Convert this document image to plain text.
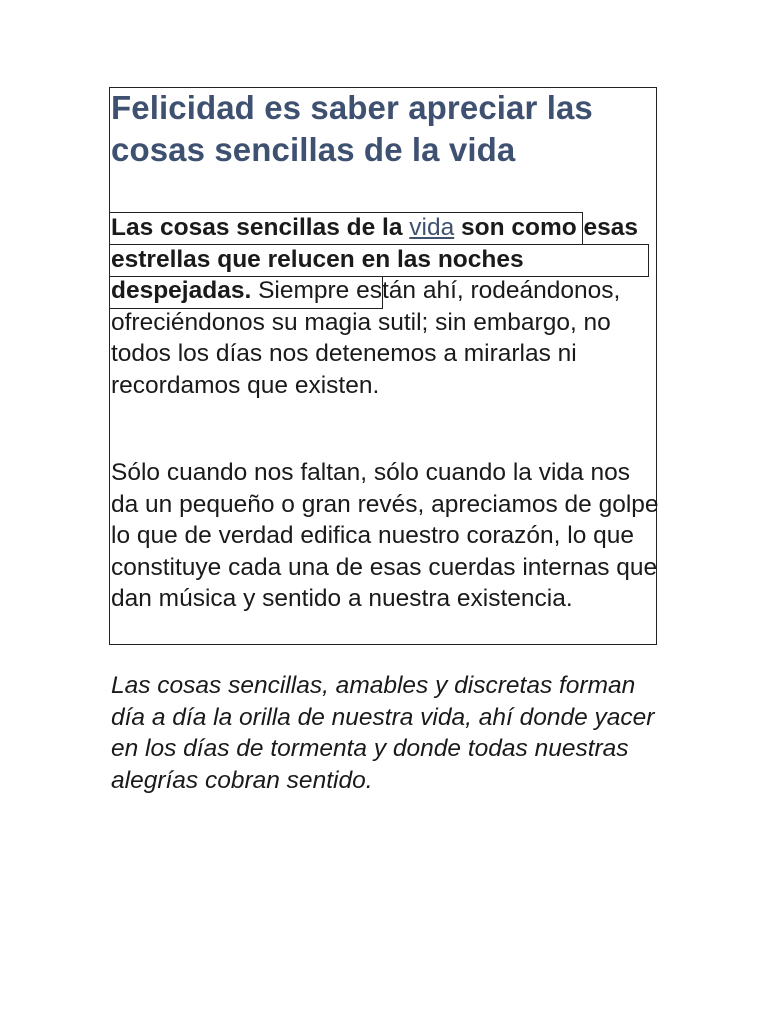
Felicidad es saber apreciar las cosas sencillas de la vida

Las cosas sencillas de la vida son como esas estrellas que relucen en las noches despejadas. Siempre están ahí, rodeándonos, ofreciéndonos su magia sutil; sin embargo, no todos los días nos detenemos a mirarlas ni recordamos que existen.

Sólo cuando nos faltan, sólo cuando la vida nos da un pequeño o gran revés, apreciamos de golpe lo que de verdad edifica nuestro corazón, lo que constituye cada una de esas cuerdas internas que dan música y sentido a nuestra existencia.

Las cosas sencillas, amables y discretas forman día a día la orilla de nuestra vida, ahí donde yacer en los días de tormenta y donde todas nuestras alegrías cobran sentido.
